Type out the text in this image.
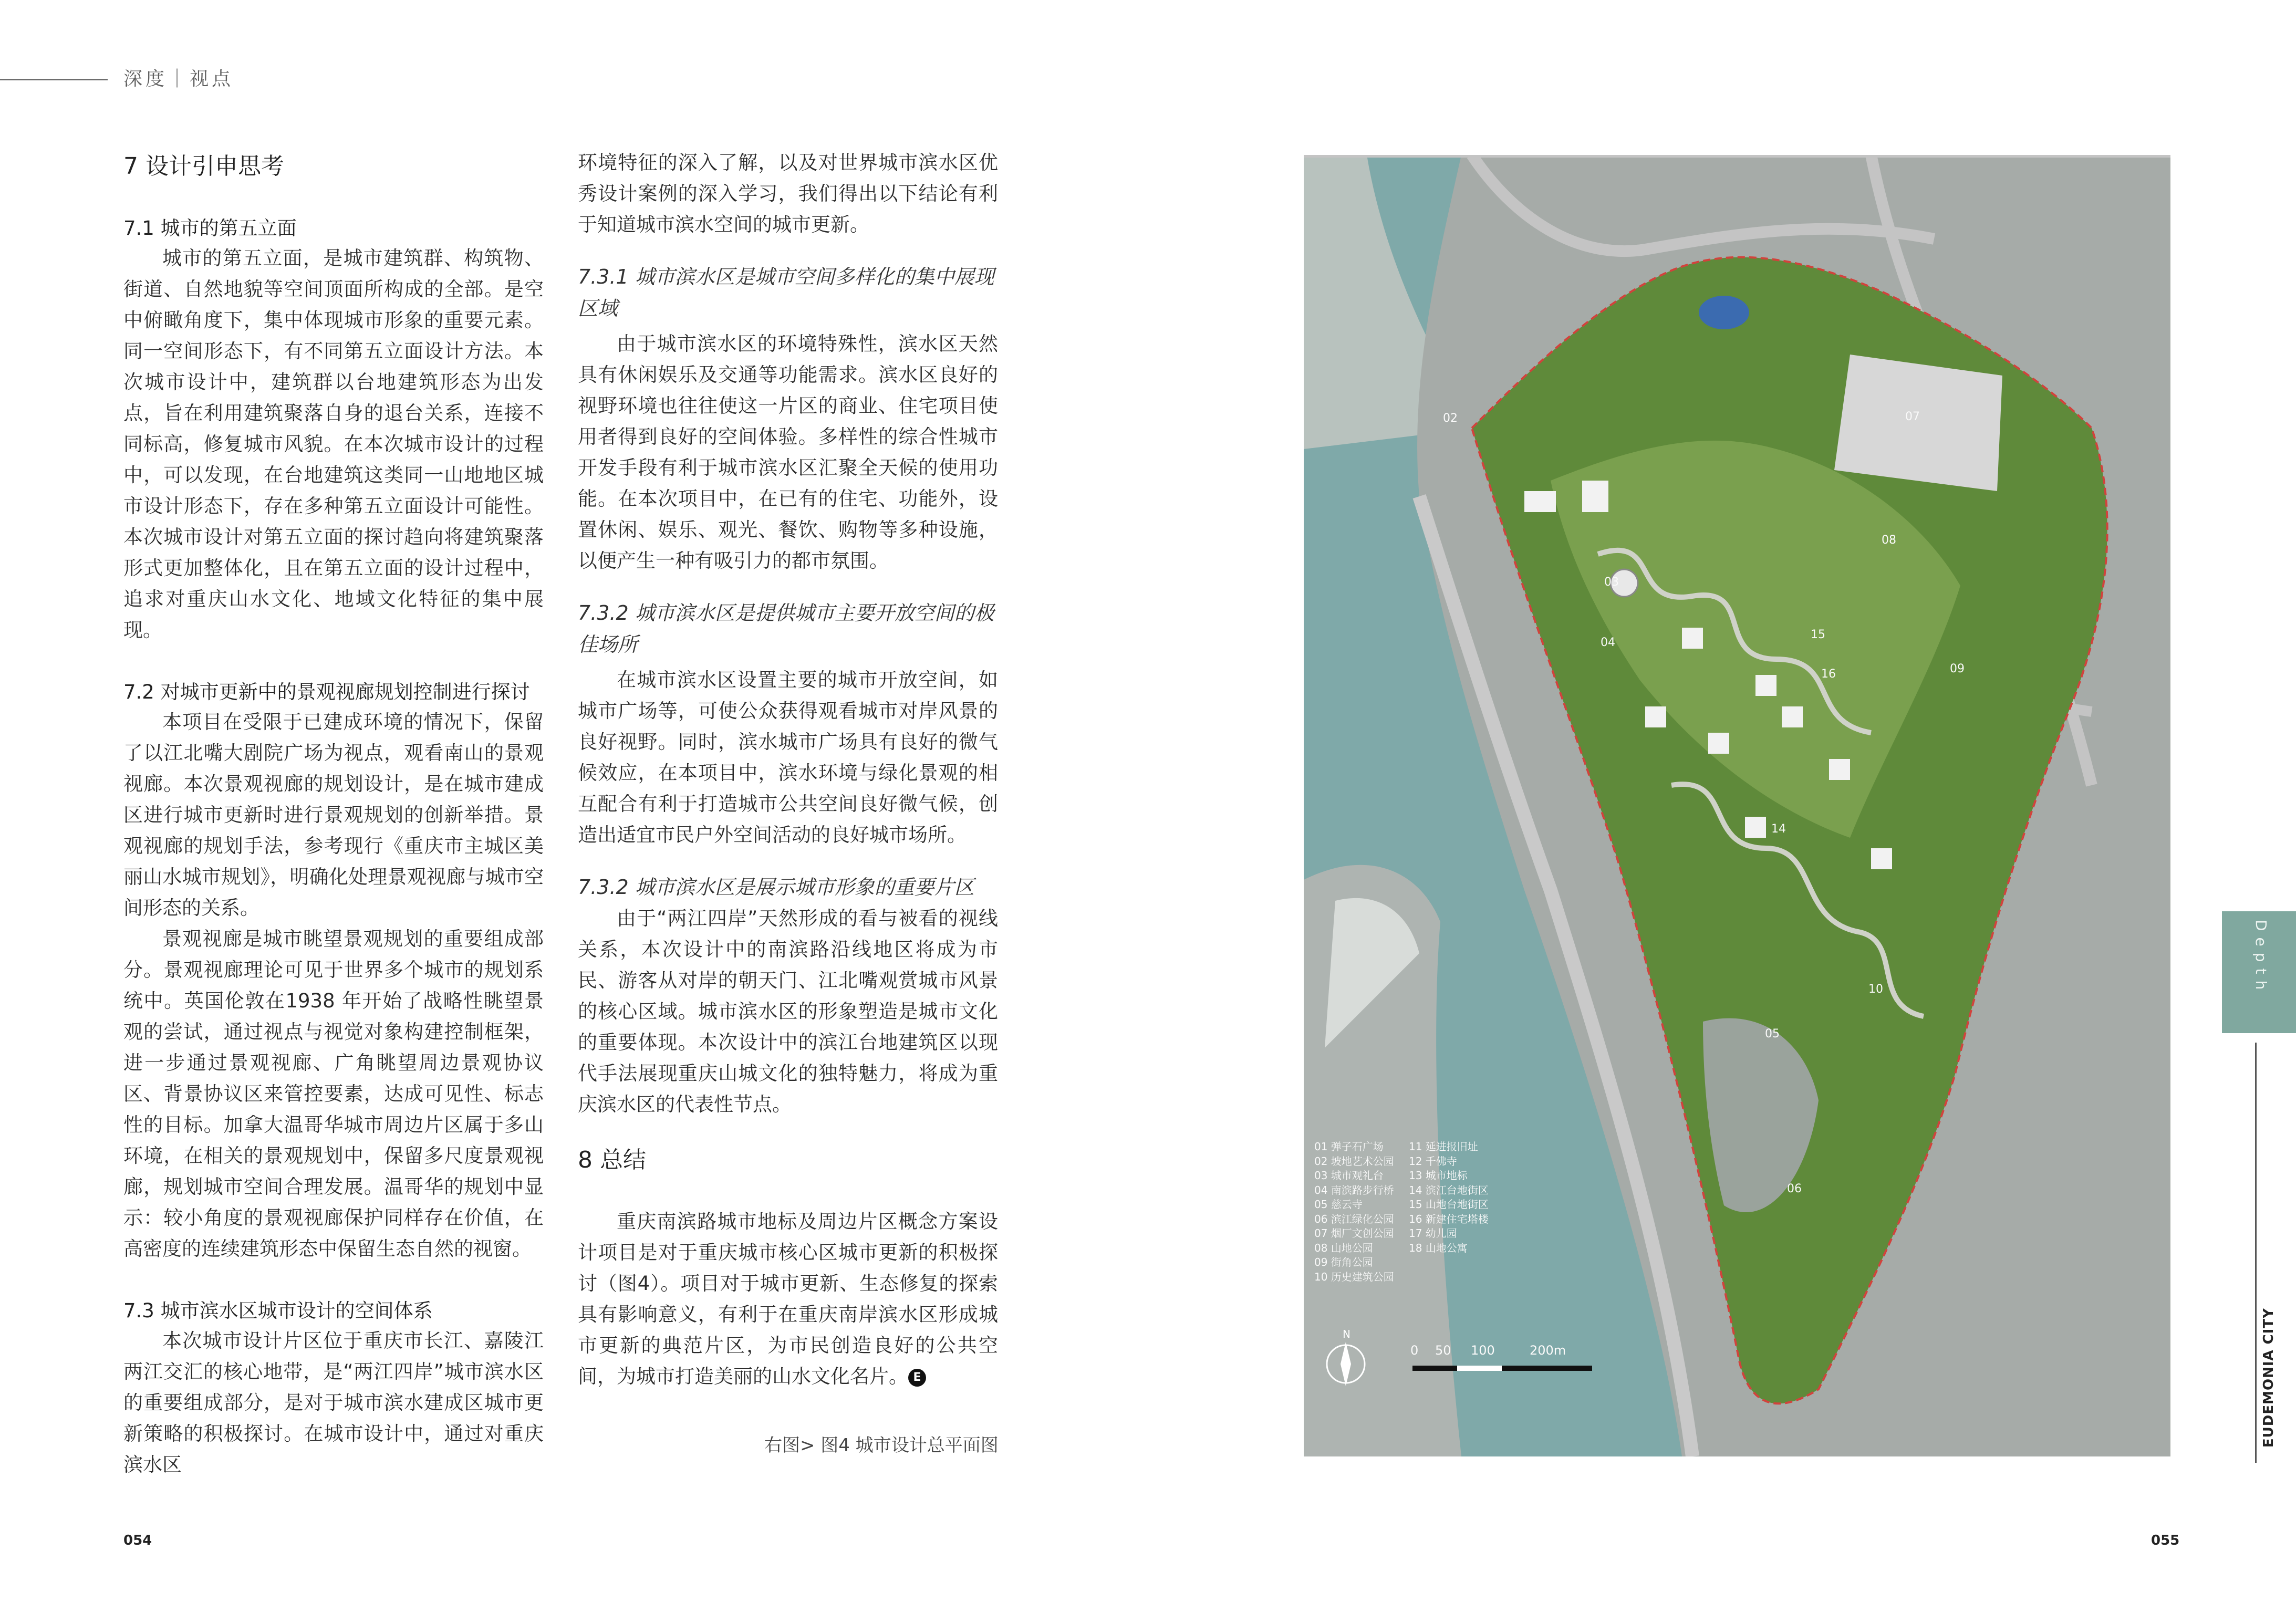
深度｜视点
7 设计引申思考
7.1 城市的第五立面

城市的第五立面，是城市建筑群、构筑物、街道、自然地貌等空间顶面所构成的全部。是空中俯瞰角度下，集中体现城市形象的重要元素。同一空间形态下，有不同第五立面设计方法。本次城市设计中，建筑群以台地建筑形态为出发点，旨在利用建筑聚落自身的退台关系，连接不同标高，修复城市风貌。在本次城市设计的过程中，可以发现，在台地建筑这类同一山地地区城市设计形态下，存在多种第五立面设计可能性。本次城市设计对第五立面的探讨趋向将建筑聚落形式更加整体化，且在第五立面的设计过程中，追求对重庆山水文化、地域文化特征的集中展现。

7.2 对城市更新中的景观视廊规划控制进行探讨

本项目在受限于已建成环境的情况下，保留了以江北嘴大剧院广场为视点，观看南山的景观视廊。本次景观视廊的规划设计，是在城市建成区进行城市更新时进行景观规划的创新举措。景观视廊的规划手法，参考现行《重庆市主城区美丽山水城市规划》，明确化处理景观视廊与城市空间形态的关系。

景观视廊是城市眺望景观规划的重要组成部分。景观视廊理论可见于世界多个城市的规划系统中。英国伦敦在1938 年开始了战略性眺望景观的尝试，通过视点与视觉对象构建控制框架，进一步通过景观视廊、广角眺望周边景观协议区、背景协议区来管控要素，达成可见性、标志性的目标。加拿大温哥华城市周边片区属于多山环境，在相关的景观规划中，保留多尺度景观视廊，规划城市空间合理发展。温哥华的规划中显示：较小角度的景观视廊保护同样存在价值，在高密度的连续建筑形态中保留生态自然的视窗。

7.3 城市滨水区城市设计的空间体系

本次城市设计片区位于重庆市长江、嘉陵江两江交汇的核心地带，是“两江四岸”城市滨水区的重要组成部分，是对于城市滨水建成区城市更新策略的积极探讨。在城市设计中，通过对重庆滨水区

环境特征的深入了解，以及对世界城市滨水区优秀设计案例的深入学习，我们得出以下结论有利于知道城市滨水空间的城市更新。

7.3.1 城市滨水区是城市空间多样化的集中展现区域

由于城市滨水区的环境特殊性，滨水区天然具有休闲娱乐及交通等功能需求。滨水区良好的视野环境也往往使这一片区的商业、住宅项目使用者得到良好的空间体验。多样性的综合性城市开发手段有利于城市滨水区汇聚全天候的使用功能。在本次项目中，在已有的住宅、功能外，设置休闲、娱乐、观光、餐饮、购物等多种设施，以便产生一种有吸引力的都市氛围。

7.3.2 城市滨水区是提供城市主要开放空间的极佳场所

在城市滨水区设置主要的城市开放空间，如城市广场等，可使公众获得观看城市对岸风景的良好视野。同时，滨水城市广场具有良好的微气候效应，在本项目中，滨水环境与绿化景观的相互配合有利于打造城市公共空间良好微气候，创造出适宜市民户外空间活动的良好城市场所。

7.3.2 城市滨水区是展示城市形象的重要片区

由于“两江四岸”天然形成的看与被看的视线关系，本次设计中的南滨路沿线地区将成为市民、游客从对岸的朝天门、江北嘴观赏城市风景的核心区域。城市滨水区的形象塑造是城市文化的重要体现。本次设计中的滨江台地建筑区以现代手法展现重庆山城文化的独特魅力，将成为重庆滨水区的代表性节点。

8 总结

重庆南滨路城市地标及周边片区概念方案设计项目是对于重庆城市核心区城市更新的积极探讨（图4）。项目对于城市更新、生态修复的探索具有影响意义，有利于在重庆南岸滨水区形成城市更新的典范片区，为市民创造良好的公共空间，为城市打造美丽的山水文化名片。 E

右图> 图4 城市设计总平面图
054	055
02	07
08
03
04
15
16	09
14
10
05
06
01 弹子石广场
02 坡地艺术公园
03 城市观礼台
04 南滨路步行桥
05 慈云寺
06 滨江绿化公园
07 烟厂文创公园
08 山地公园
09 街角公园
10 历史建筑公园
11 延进报旧址
12 千佛寺
13 城市地标
14 滨江台地街区
15 山地台地街区
16 新建住宅塔楼
17 幼儿园
18 山地公寓
N
0 50 100	200m
Depth
EUDEMONIA CITY
